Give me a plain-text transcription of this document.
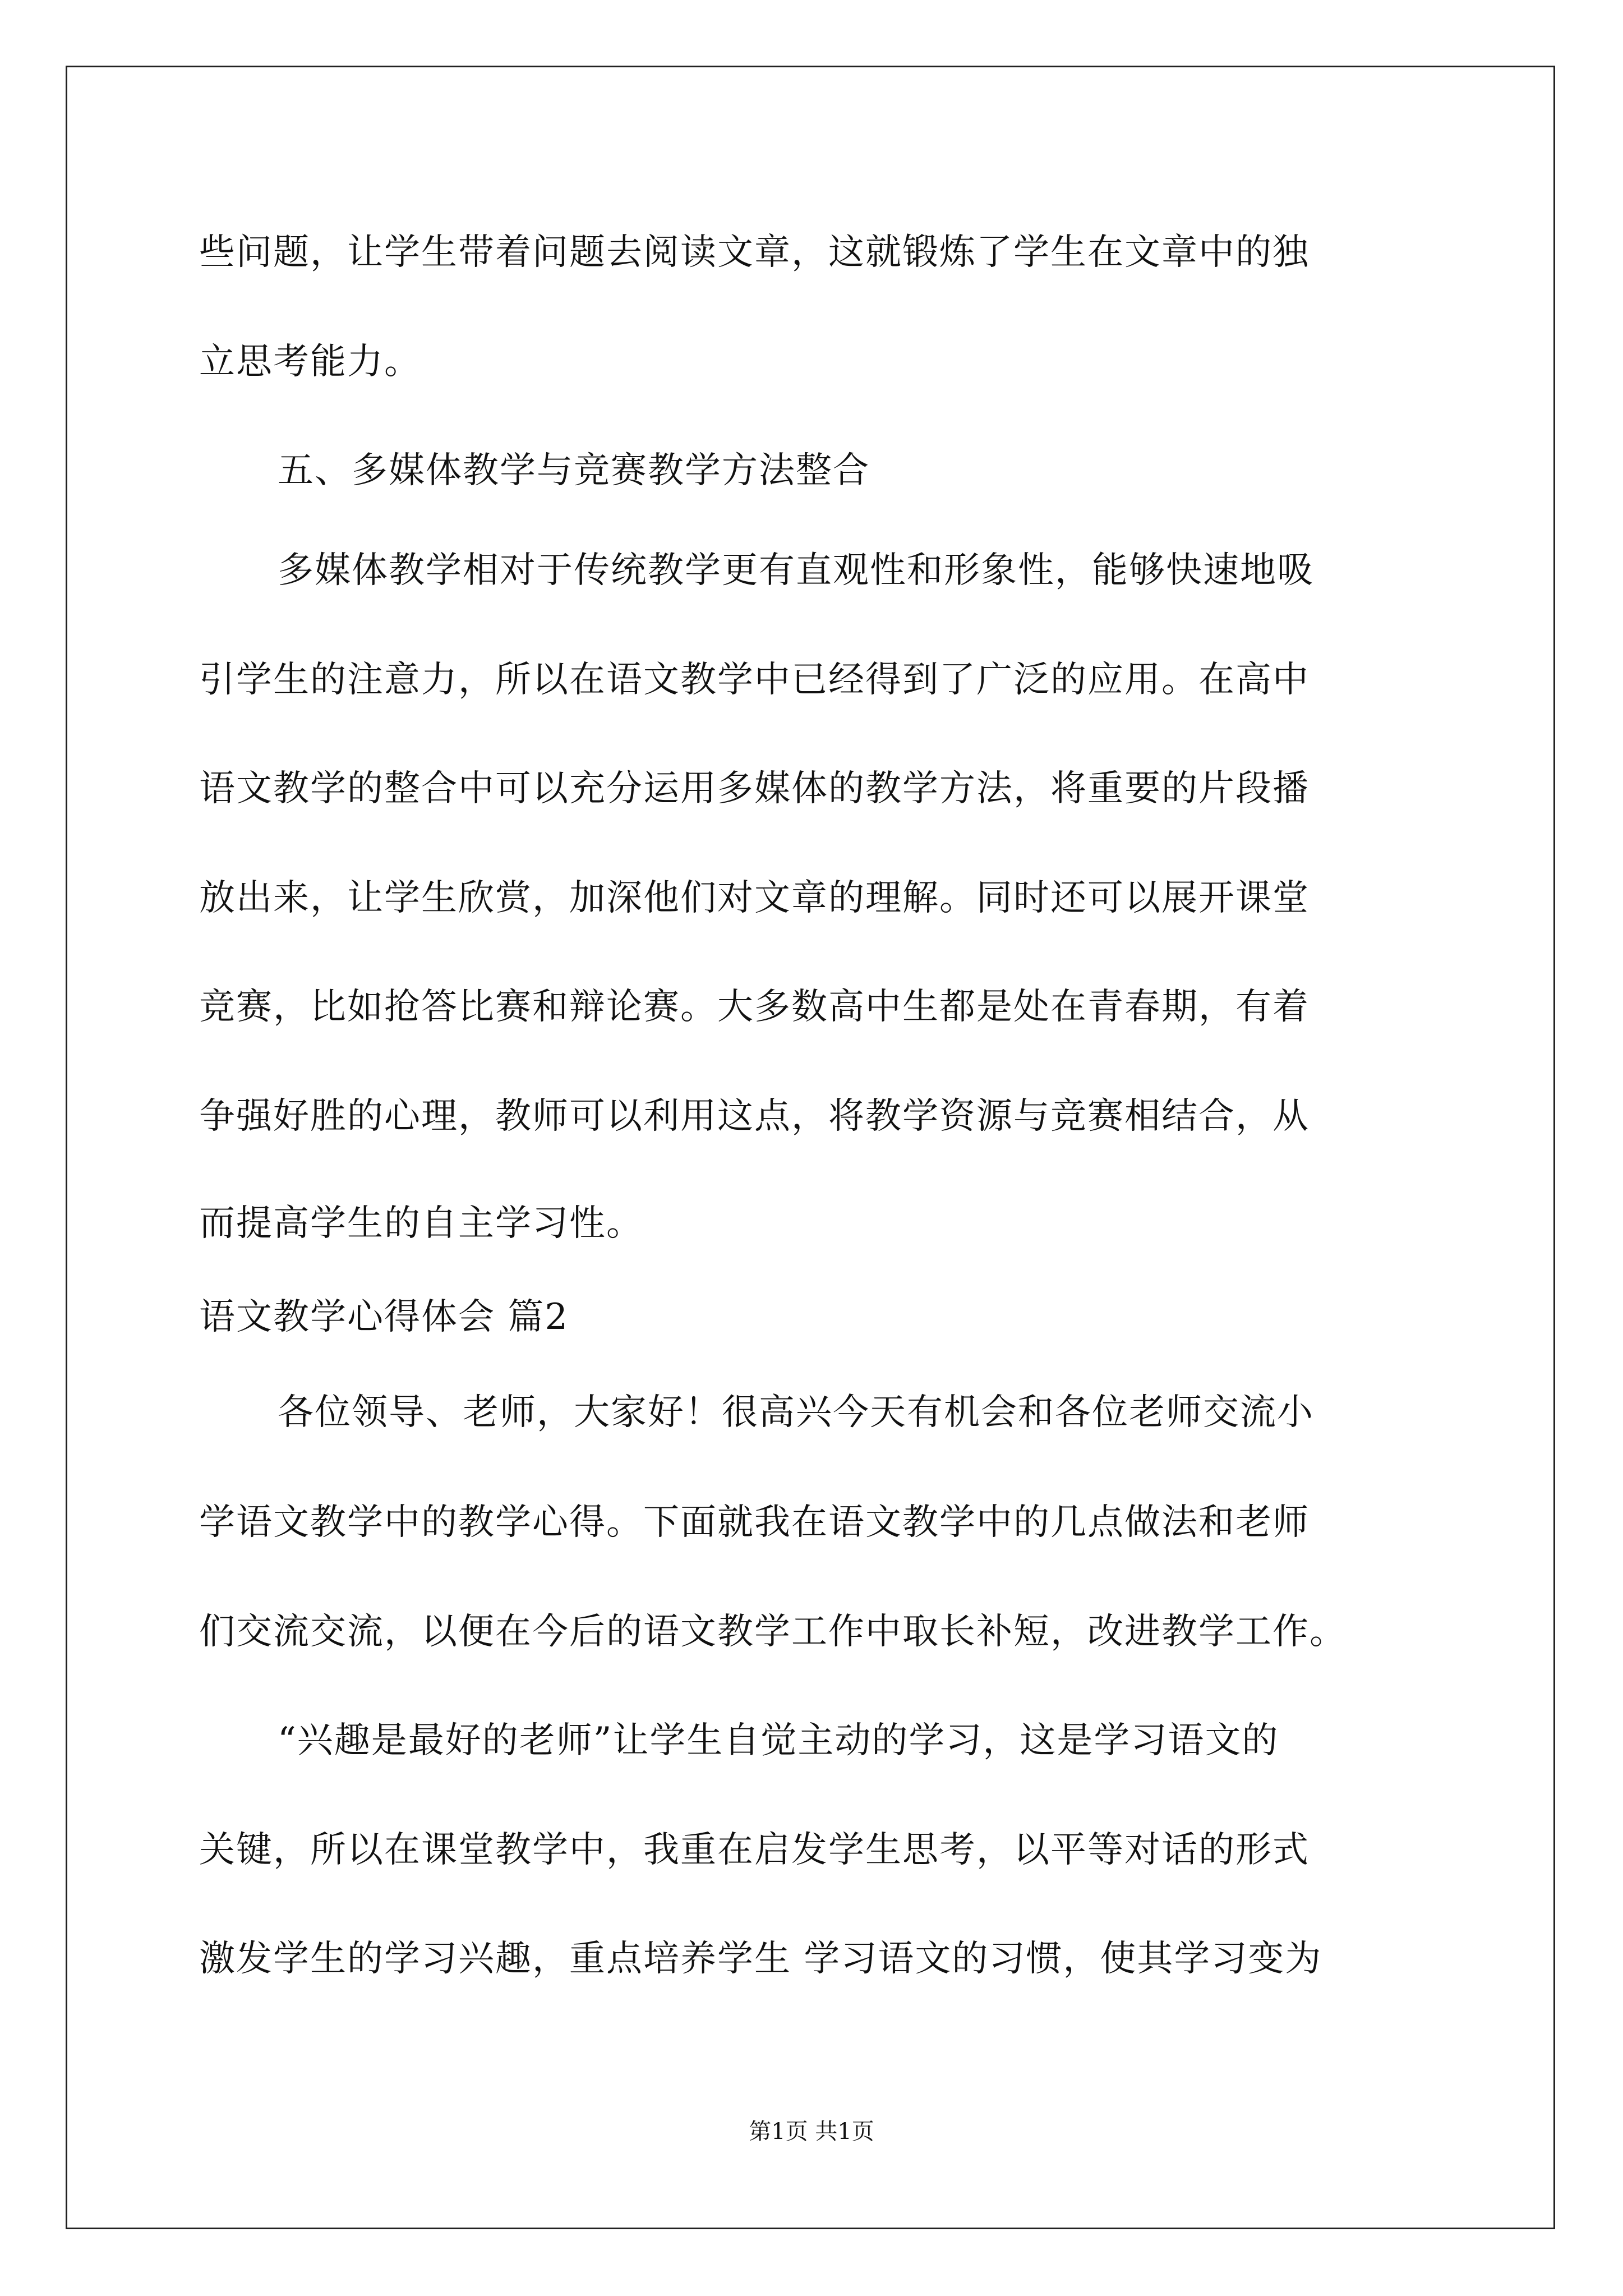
些问题，让学生带着问题去阅读文章，这就锻炼了学生在文章中的独
立思考能力。
五、多媒体教学与竞赛教学方法整合
多媒体教学相对于传统教学更有直观性和形象性，能够快速地吸
引学生的注意力，所以在语文教学中已经得到了广泛的应用。在高中
语文教学的整合中可以充分运用多媒体的教学方法，将重要的片段播
放出来，让学生欣赏，加深他们对文章的理解。同时还可以展开课堂
竞赛，比如抢答比赛和辩论赛。大多数高中生都是处在青春期，有着
争强好胜的心理，教师可以利用这点，将教学资源与竞赛相结合，从
而提高学生的自主学习性。
语文教学心得体会 篇2
各位领导、老师，大家好！很高兴今天有机会和各位老师交流小
学语文教学中的教学心得。下面就我在语文教学中的几点做法和老师
们交流交流，以便在今后的语文教学工作中取长补短，改进教学工作。
“兴趣是最好的老师”让学生自觉主动的学习，这是学习语文的
关键，所以在课堂教学中，我重在启发学生思考，以平等对话的形式
激发学生的学习兴趣，重点培养学生 学习语文的习惯，使其学习变为
第1页 共1页
